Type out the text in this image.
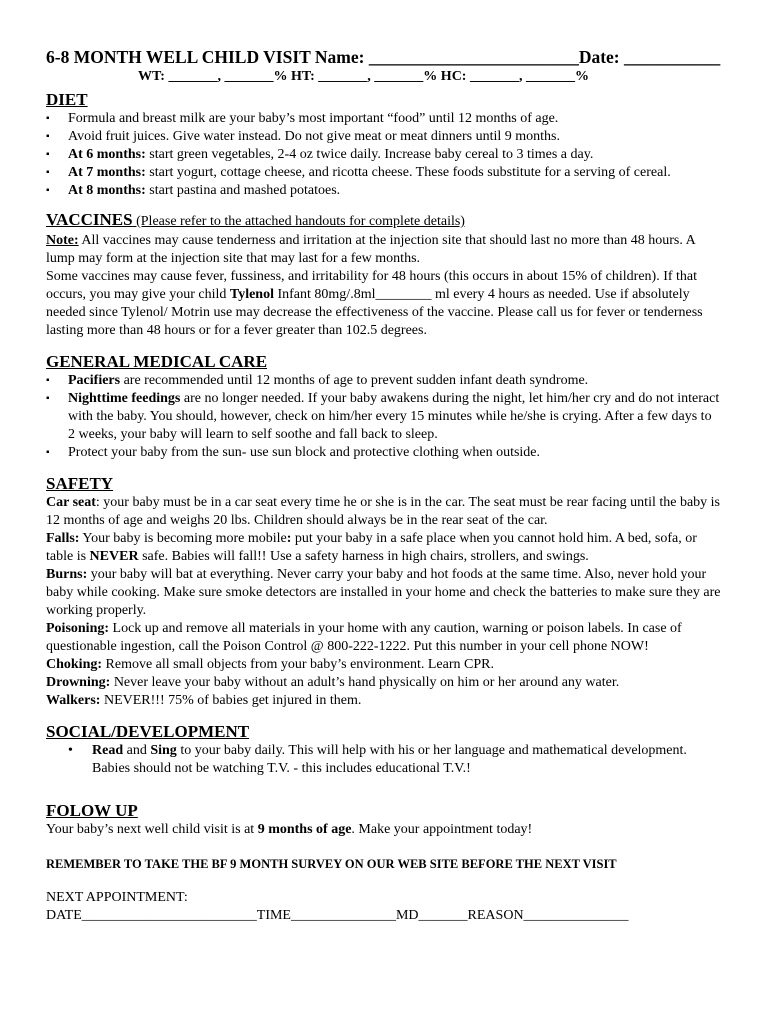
6-8 MONTH WELL CHILD VISIT Name: ________________________Date: ___________
WT: _______, _______% HT: _______, _______% HC: _______, _______%
DIET
▪ Formula and breast milk are your baby’s most important “food” until 12 months of age.
▪ Avoid fruit juices. Give water instead. Do not give meat or meat dinners until 9 months.
▪ At 6 months: start green vegetables, 2-4 oz twice daily. Increase baby cereal to 3 times a day.
▪ At 7 months: start yogurt, cottage cheese, and ricotta cheese. These foods substitute for a serving of cereal.
▪ At 8 months: start pastina and mashed potatoes.
VACCINES (Please refer to the attached handouts for complete details)

Note: All vaccines may cause tenderness and irritation at the injection site that should last no more than 48 hours. A lump may form at the injection site that may last for a few months.

Some vaccines may cause fever, fussiness, and irritability for 48 hours (this occurs in about 15% of children). If that occurs, you may give your child Tylenol Infant 80mg/.8ml________ ml every 4 hours as needed. Use if absolutely needed since Tylenol/ Motrin use may decrease the effectiveness of the vaccine. Please call us for fever or tenderness lasting more than 48 hours or for a fever greater than 102.5 degrees.

GENERAL MEDICAL CARE
▪ Pacifiers are recommended until 12 months of age to prevent sudden infant death syndrome.
▪ Nighttime feedings are no longer needed. If your baby awakens during the night, let him/her cry and do not interact with the baby. You should, however, check on him/her every 15 minutes while he/she is crying. After a few days to 2 weeks, your baby will learn to self soothe and fall back to sleep.
▪ Protect your baby from the sun- use sun block and protective clothing when outside.
SAFETY

Car seat: your baby must be in a car seat every time he or she is in the car. The seat must be rear facing until the baby is 12 months of age and weighs 20 lbs. Children should always be in the rear seat of the car.

Falls: Your baby is becoming more mobile: put your baby in a safe place when you cannot hold him. A bed, sofa, or table is NEVER safe. Babies will fall!! Use a safety harness in high chairs, strollers, and swings.

Burns: your baby will bat at everything. Never carry your baby and hot foods at the same time. Also, never hold your baby while cooking. Make sure smoke detectors are installed in your home and check the batteries to make sure they are working properly.

Poisoning: Lock up and remove all materials in your home with any caution, warning or poison labels. In case of questionable ingestion, call the Poison Control @ 800-222-1222. Put this number in your cell phone NOW!

Choking: Remove all small objects from your baby’s environment. Learn CPR.

Drowning: Never leave your baby without an adult’s hand physically on him or her around any water.

Walkers: NEVER!!! 75% of babies get injured in them.

SOCIAL/DEVELOPMENT
• Read and Sing to your baby daily. This will help with his or her language and mathematical development. Babies should not be watching T.V. - this includes educational T.V.!
FOLOW UP

Your baby’s next well child visit is at 9 months of age. Make your appointment today!

REMEMBER TO TAKE THE BF 9 MONTH SURVEY ON OUR WEB SITE BEFORE THE NEXT VISIT
NEXT APPOINTMENT:
DATE_________________________TIME_______________MD_______REASON_______________
